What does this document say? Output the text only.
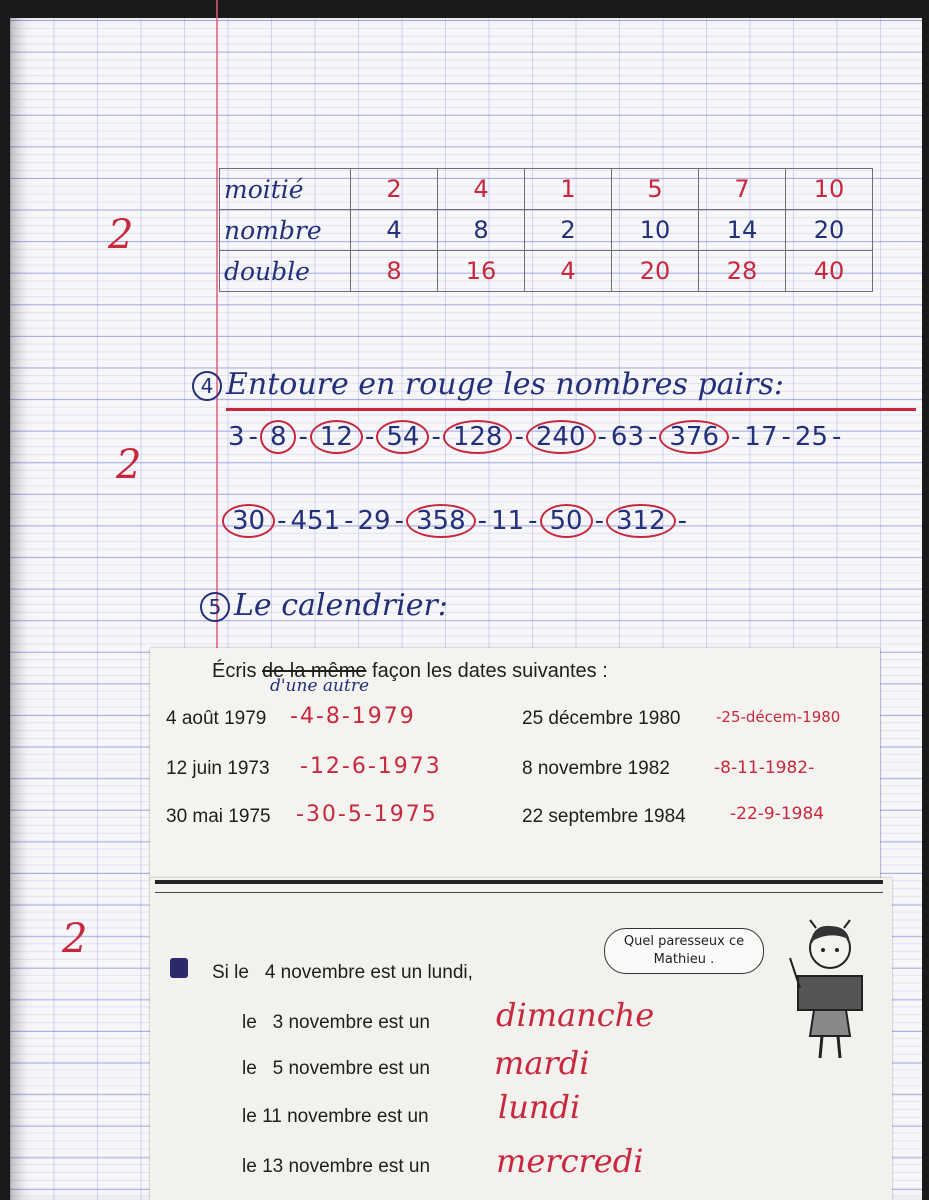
2
2
2
moitié	2	4	1	5	7	10
nombre	4	8	2	10	14	20
double	8	16	4	20	28	40
4 Entoure en rouge les nombres pairs:
3 - 8 - 12 - 54 - 128 - 240 - 63 - 376 - 17 - 25 -
30 - 451 - 29 - 358 - 11 - 50 - 312 -
5 Le calendrier:
Écris de la même façon les dates suivantes :
d'une autre
4 août 1979 -4-8-1979
12 juin 1973 -12-6-1973
30 mai 1975 -30-5-1975
25 décembre 1980 -25-décem-1980
8 novembre 1982	-8-11-1982-
22 septembre 1984	-22-9-1984
Quel paresseux ce Mathieu .
Si le 4 novembre est un lundi,
le   3 novembre est un dimanche
le   5 novembre est un mardi
le 11 novembre est un lundi
le 13 novembre est un mercredi
